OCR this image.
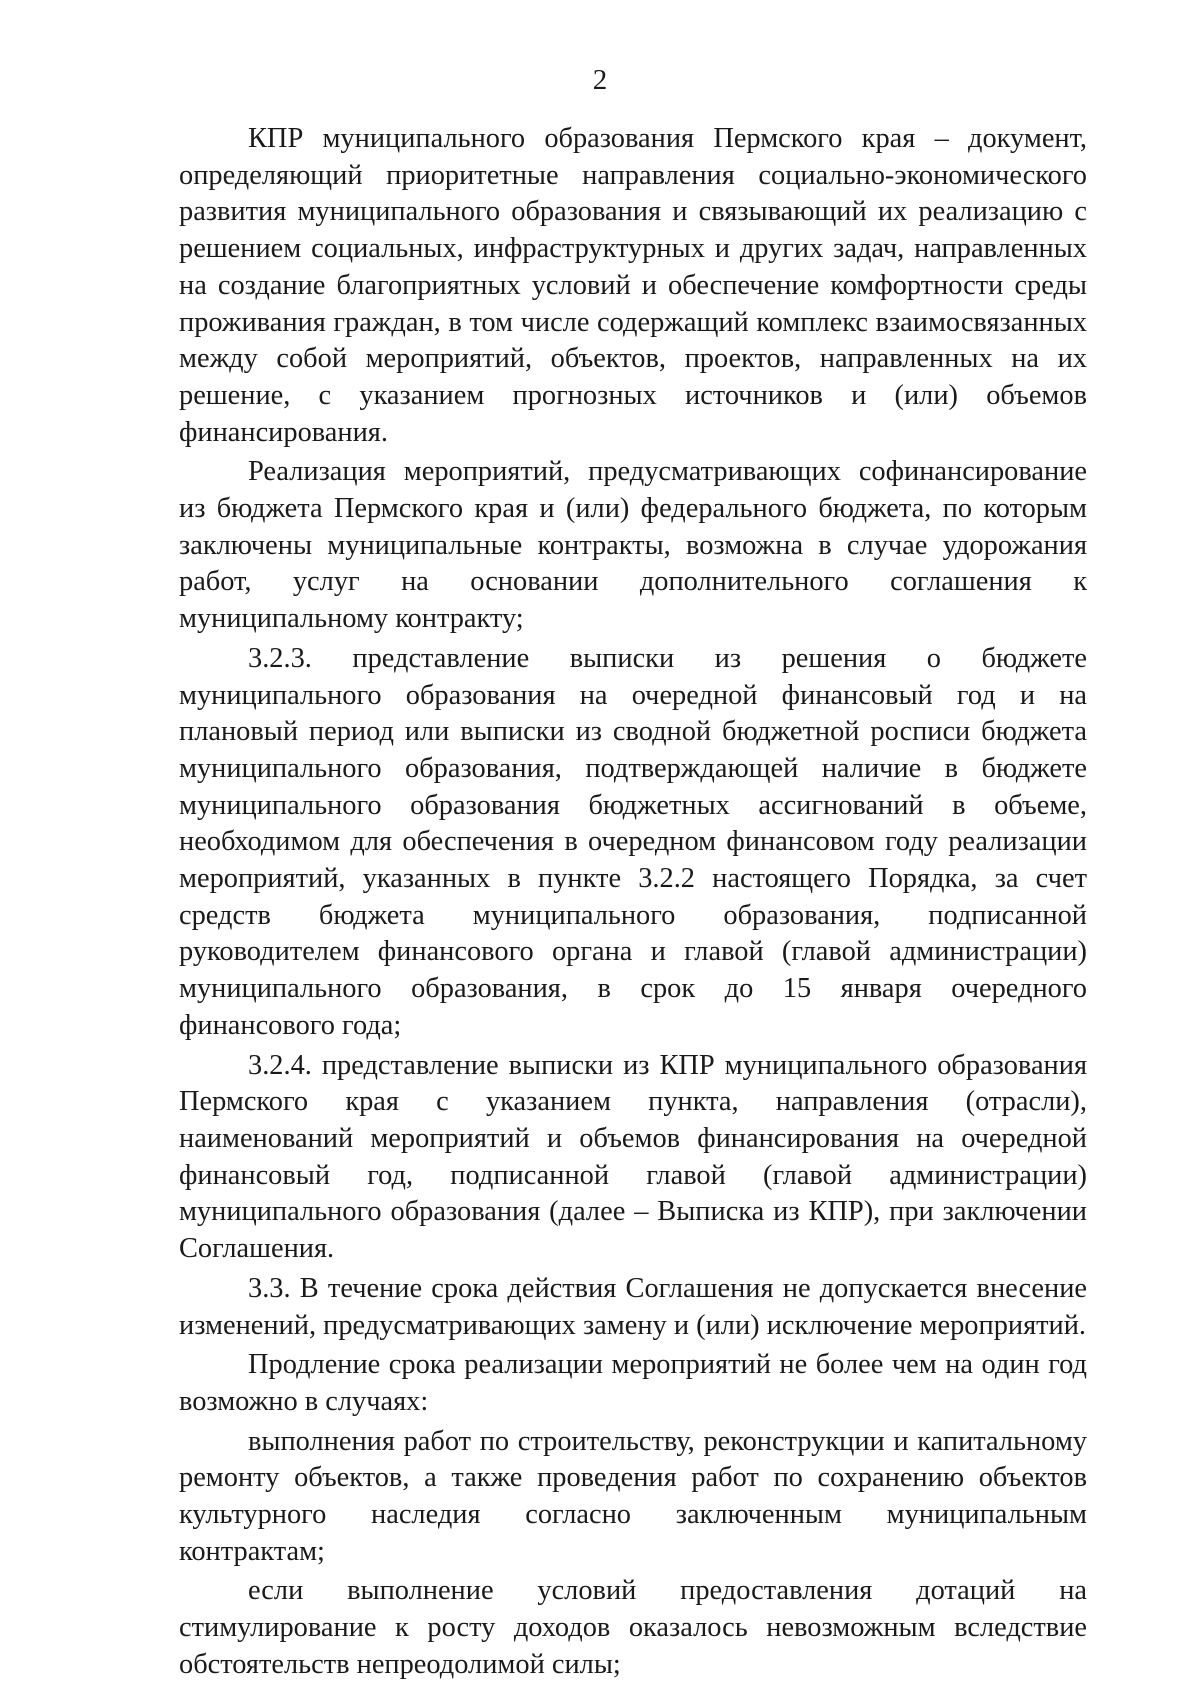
2

КПР муниципального образования Пермского края – документ, определяющий приоритетные направления социально-экономического развития муниципального образования и связывающий их реализацию с решением социальных, инфраструктурных и других задач, направленных на создание благоприятных условий и обеспечение комфортности среды проживания граждан, в том числе содержащий комплекс взаимосвязанных между собой мероприятий, объектов, проектов, направленных на их решение, с указанием прогнозных источников и (или) объемов финансирования.

Реализация мероприятий, предусматривающих софинансирование из бюджета Пермского края и (или) федерального бюджета, по которым заключены муниципальные контракты, возможна в случае удорожания работ, услуг на основании дополнительного соглашения к муниципальному контракту;

3.2.3. представление выписки из решения о бюджете муниципального образования на очередной финансовый год и на плановый период или выписки из сводной бюджетной росписи бюджета муниципального образования, подтверждающей наличие в бюджете муниципального образования бюджетных ассигнований в объеме, необходимом для обеспечения в очередном финансовом году реализации мероприятий, указанных в пункте 3.2.2 настоящего Порядка, за счет средств бюджета муниципального образования, подписанной руководителем финансового органа и главой (главой администрации) муниципального образования, в срок до 15 января очередного финансового года;

3.2.4. представление выписки из КПР муниципального образования Пермского края с указанием пункта, направления (отрасли), наименований мероприятий и объемов финансирования на очередной финансовый год, подписанной главой (главой администрации) муниципального образования (далее – Выписка из КПР), при заключении Соглашения.

3.3. В течение срока действия Соглашения не допускается внесение изменений, предусматривающих замену и (или) исключение мероприятий.

Продление срока реализации мероприятий не более чем на один год возможно в случаях:

выполнения работ по строительству, реконструкции и капитальному ремонту объектов, а также проведения работ по сохранению объектов культурного наследия согласно заключенным муниципальным контрактам;

если выполнение условий предоставления дотаций на стимулирование к росту доходов оказалось невозможным вследствие обстоятельств непреодолимой силы;
